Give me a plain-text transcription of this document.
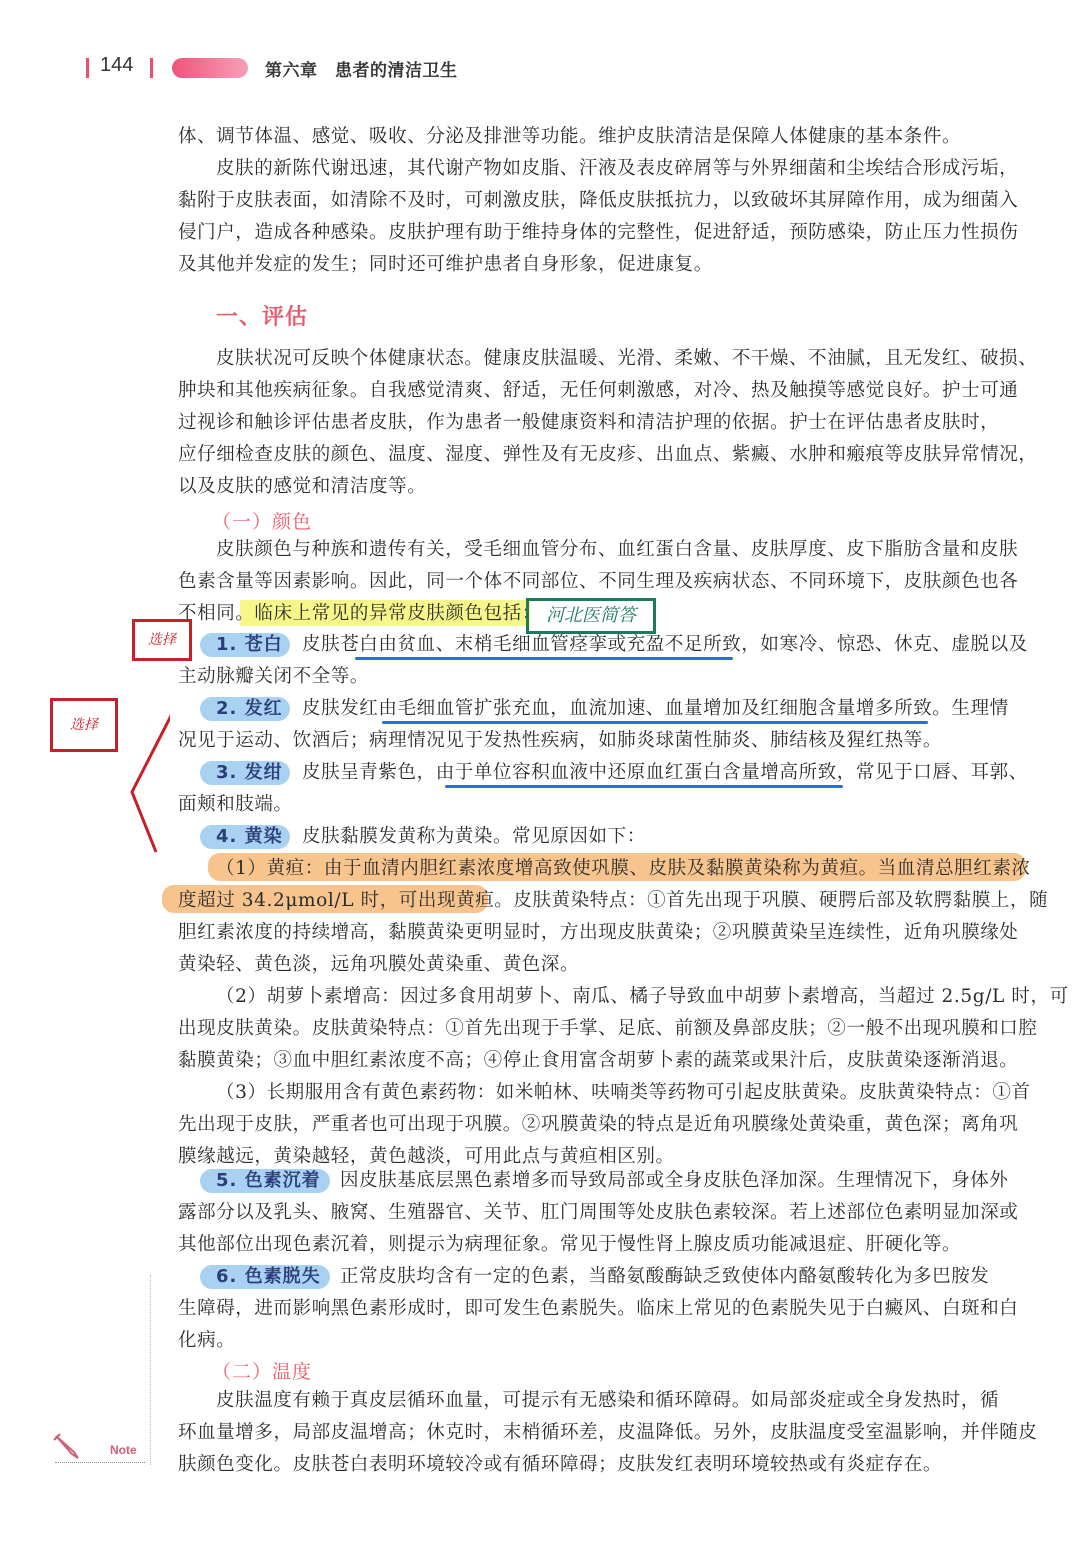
144	第六章　患者的清洁卫生
体、调节体温、感觉、吸收、分泌及排泄等功能。维护皮肤清洁是保障人体健康的基本条件。
皮肤的新陈代谢迅速，其代谢产物如皮脂、汗液及表皮碎屑等与外界细菌和尘埃结合形成污垢，
黏附于皮肤表面，如清除不及时，可刺激皮肤，降低皮肤抵抗力，以致破坏其屏障作用，成为细菌入
侵门户，造成各种感染。皮肤护理有助于维持身体的完整性，促进舒适，预防感染，防止压力性损伤
及其他并发症的发生；同时还可维护患者自身形象，促进康复。
一、评估
皮肤状况可反映个体健康状态。健康皮肤温暖、光滑、柔嫩、不干燥、不油腻，且无发红、破损、
肿块和其他疾病征象。自我感觉清爽、舒适，无任何刺激感，对冷、热及触摸等感觉良好。护士可通
过视诊和触诊评估患者皮肤，作为患者一般健康资料和清洁护理的依据。护士在评估患者皮肤时，
应仔细检查皮肤的颜色、温度、湿度、弹性及有无皮疹、出血点、紫癜、水肿和瘢痕等皮肤异常情况，
以及皮肤的感觉和清洁度等。
（一）颜色
皮肤颜色与种族和遗传有关，受毛细血管分布、血红蛋白含量、皮肤厚度、皮下脂肪含量和皮肤
色素含量等因素影响。因此，同一个体不同部位、不同生理及疾病状态、不同环境下，皮肤颜色也各
不相同。临床上常见的异常皮肤颜色包括： 河北医简答
选择
选择
1. 苍白	皮肤苍白由贫血、末梢毛细血管痉挛或充盈不足所致，如寒冷、惊恐、休克、虚脱以及
主动脉瓣关闭不全等。
2. 发红	皮肤发红由毛细血管扩张充血，血流加速、血量增加及红细胞含量增多所致。生理情
况见于运动、饮酒后；病理情况见于发热性疾病，如肺炎球菌性肺炎、肺结核及猩红热等。
3. 发绀	皮肤呈青紫色，由于单位容积血液中还原血红蛋白含量增高所致，常见于口唇、耳郭、
面颊和肢端。
4. 黄染	皮肤黏膜发黄称为黄染。常见原因如下：
（1）黄疸：由于血清内胆红素浓度增高致使巩膜、皮肤及黏膜黄染称为黄疸。当血清总胆红素浓
度超过 34.2μmol/L 时，可出现黄疸。皮肤黄染特点：①首先出现于巩膜、硬腭后部及软腭黏膜上，随
胆红素浓度的持续增高，黏膜黄染更明显时，方出现皮肤黄染；②巩膜黄染呈连续性，近角巩膜缘处
黄染轻、黄色淡，远角巩膜处黄染重、黄色深。
（2）胡萝卜素增高：因过多食用胡萝卜、南瓜、橘子导致血中胡萝卜素增高，当超过 2.5g/L 时，可
出现皮肤黄染。皮肤黄染特点：①首先出现于手掌、足底、前额及鼻部皮肤；②一般不出现巩膜和口腔
黏膜黄染；③血中胆红素浓度不高；④停止食用富含胡萝卜素的蔬菜或果汁后，皮肤黄染逐渐消退。
（3）长期服用含有黄色素药物：如米帕林、呋喃类等药物可引起皮肤黄染。皮肤黄染特点：①首
先出现于皮肤，严重者也可出现于巩膜。②巩膜黄染的特点是近角巩膜缘处黄染重，黄色深；离角巩
膜缘越远，黄染越轻，黄色越淡，可用此点与黄疸相区别。
5. 色素沉着	因皮肤基底层黑色素增多而导致局部或全身皮肤色泽加深。生理情况下，身体外
露部分以及乳头、腋窝、生殖器官、关节、肛门周围等处皮肤色素较深。若上述部位色素明显加深或
其他部位出现色素沉着，则提示为病理征象。常见于慢性肾上腺皮质功能减退症、肝硬化等。
6. 色素脱失	正常皮肤均含有一定的色素，当酪氨酸酶缺乏致使体内酪氨酸转化为多巴胺发
生障碍，进而影响黑色素形成时，即可发生色素脱失。临床上常见的色素脱失见于白癜风、白斑和白
化病。
（二）温度
皮肤温度有赖于真皮层循环血量，可提示有无感染和循环障碍。如局部炎症或全身发热时，循
环血量增多，局部皮温增高；休克时，末梢循环差，皮温降低。另外，皮肤温度受室温影响，并伴随皮
肤颜色变化。皮肤苍白表明环境较冷或有循环障碍；皮肤发红表明环境较热或有炎症存在。
Note
